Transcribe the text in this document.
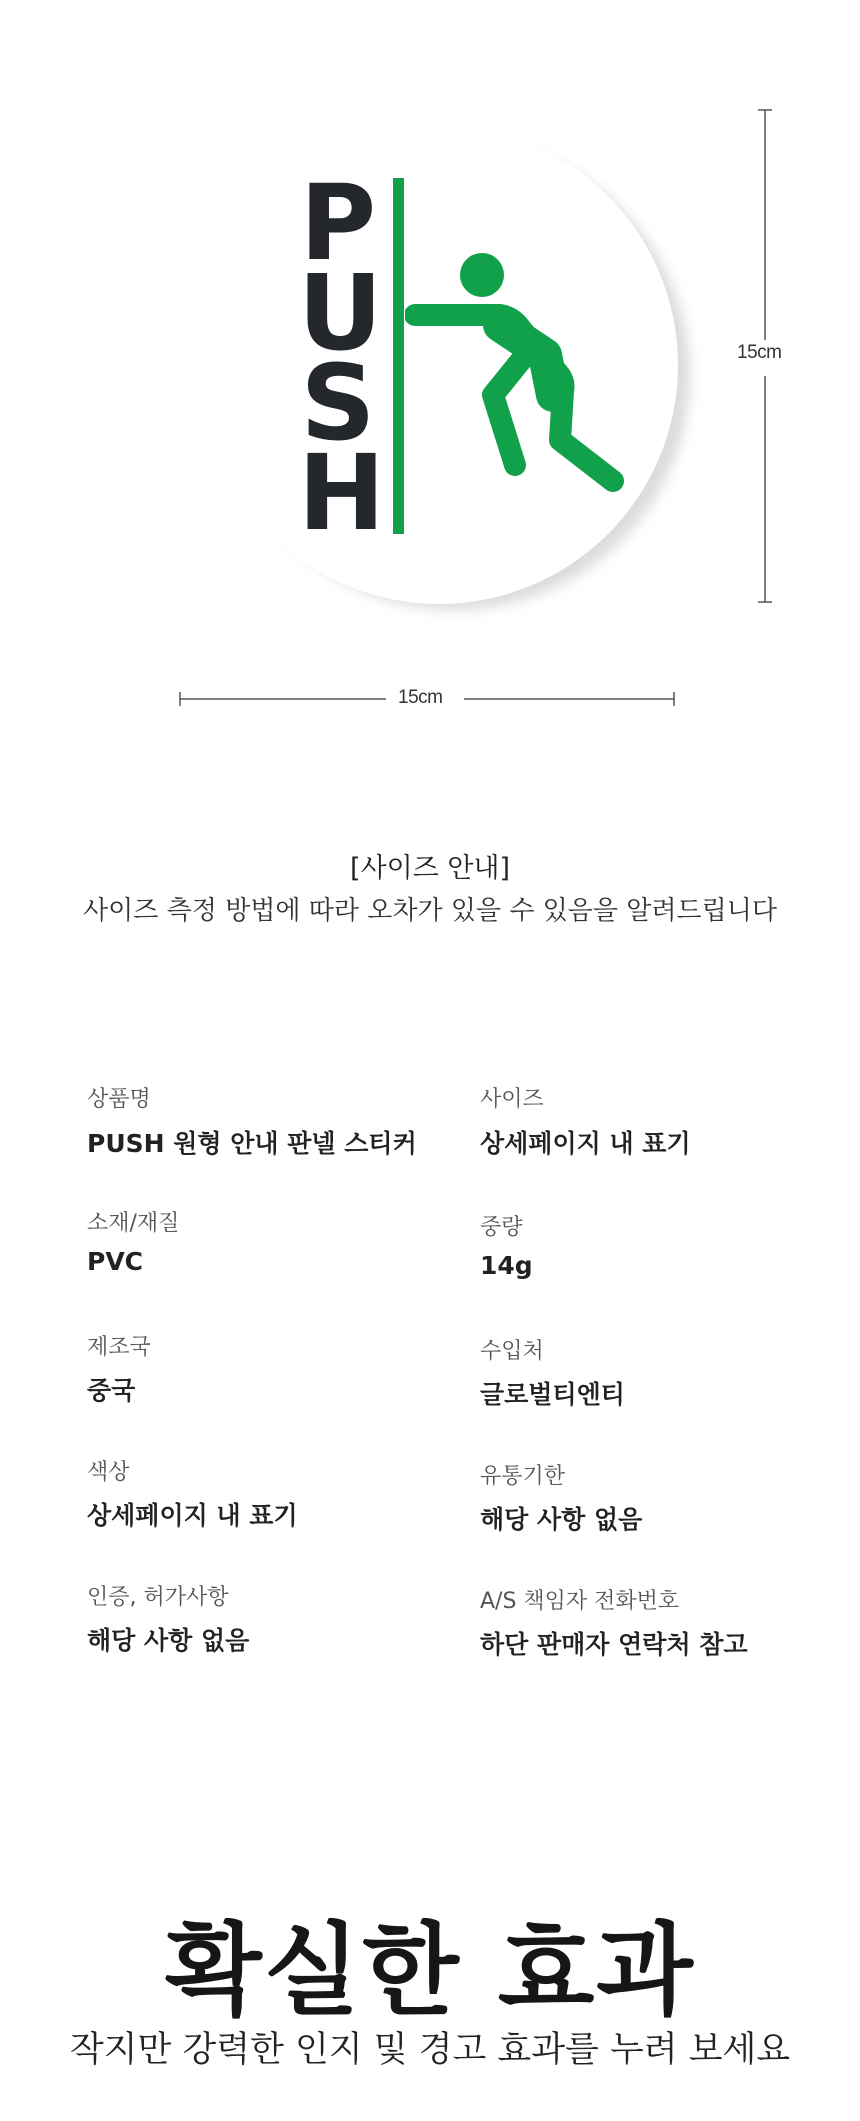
P
U
S
H
15cm
15cm
[사이즈 안내]
사이즈 측정 방법에 따라 오차가 있을 수 있음을 알려드립니다
상품명
PUSH 원형 안내 판넬 스티커
소재/재질
PVC
제조국
중국
색상
상세페이지 내 표기
인증, 허가사항
해당 사항 없음
사이즈
상세페이지 내 표기
중량
14g
수입처
글로벌티엔티
유통기한
해당 사항 없음
A/S 책임자 전화번호
하단 판매자 연락처 참고
확실한 효과
작지만 강력한 인지 및 경고 효과를 누려 보세요
